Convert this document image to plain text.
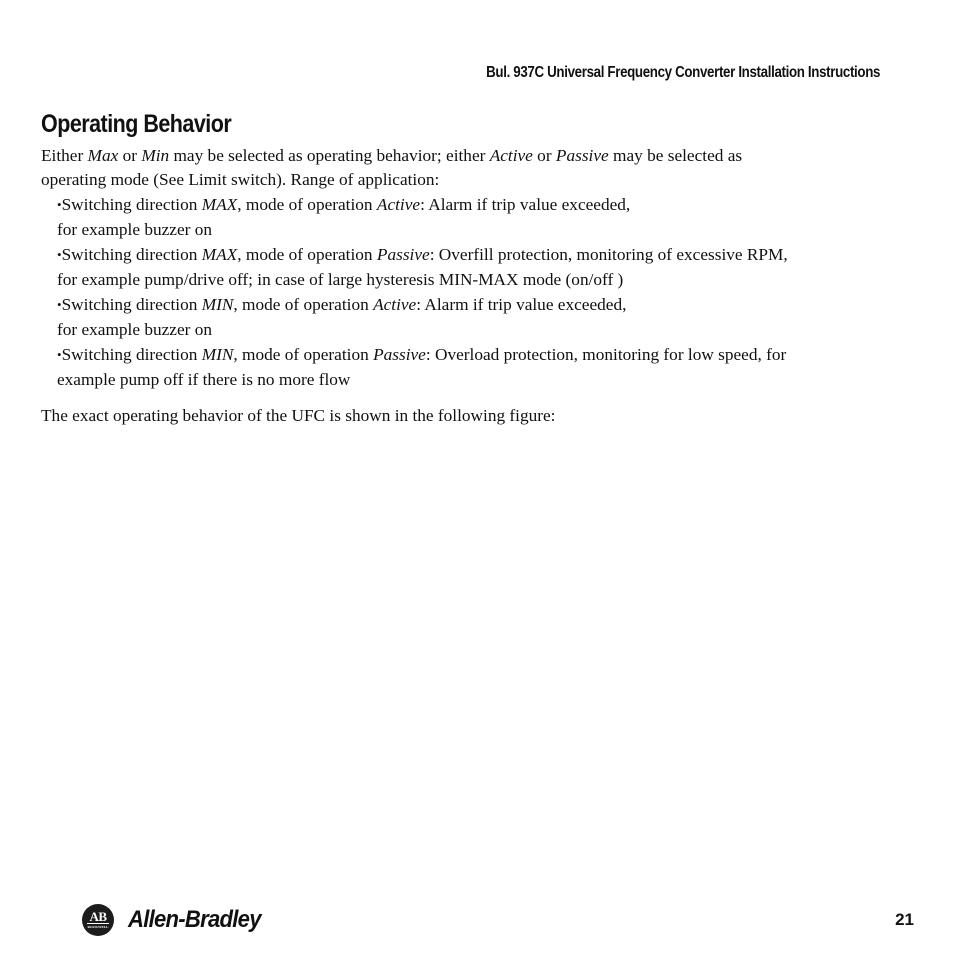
Bul. 937C Universal Frequency Converter Installation Instructions
Operating Behavior

Either Max or Min may be selected as operating behavior; either Active or Passive may be selected as
operating mode (See Limit switch). Range of application:

•Switching direction MAX, mode of operation Active: Alarm if trip value exceeded,
for example buzzer on
•Switching direction MAX, mode of operation Passive: Overfill protection, monitoring of excessive RPM,
for example pump/drive off; in case of large hysteresis MIN-MAX mode (on/off )
•Switching direction MIN, mode of operation Active: Alarm if trip value exceeded,
for example buzzer on
•Switching direction MIN, mode of operation Passive: Overload protection, monitoring for low speed, for
example pump off if there is no more flow

The exact operating behavior of the UFC is shown in the following figure:

AB
ROCKWELL Allen-Bradley	21
